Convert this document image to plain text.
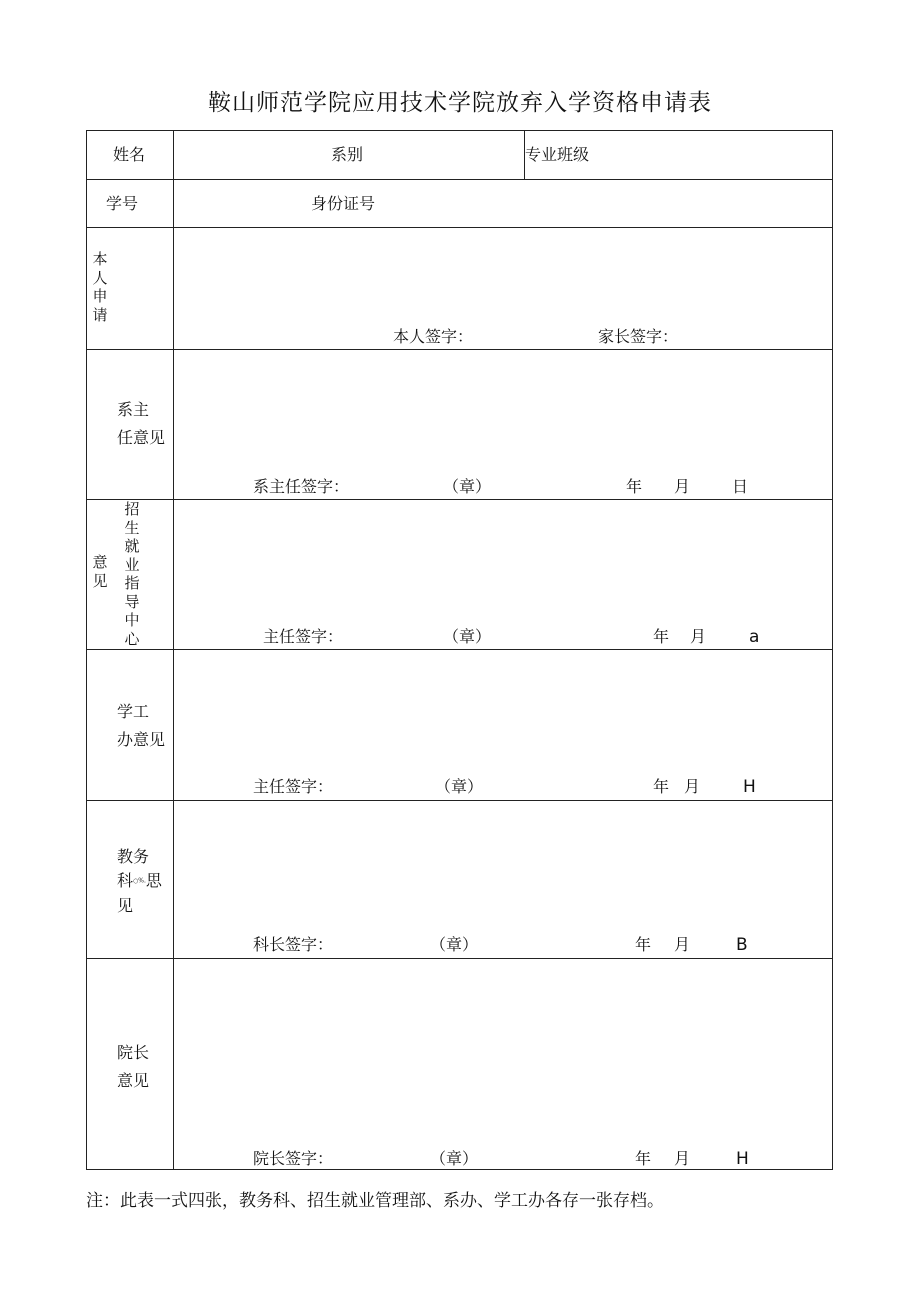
鞍山师范学院应用技术学院放弃入学资格申请表
姓名	系别	专业班级
学号	身份证号
本
人
申
请
本人签字：	家长签字：
系主
任意见
系主任签字：	（章）	年 月	日
意
见
招
生
就
业
指
导
中
心	主任签字：	（章）	年 月	a
学工
办意见
主任签字：	（章）	年 月	H
教务
科○%.思
见
科长签字：	（章）	年 月	B
院长
意见
院长签字：	（章）	年 月	H
注：此表一式四张，教务科、招生就业管理部、系办、学工办各存一张存档。
